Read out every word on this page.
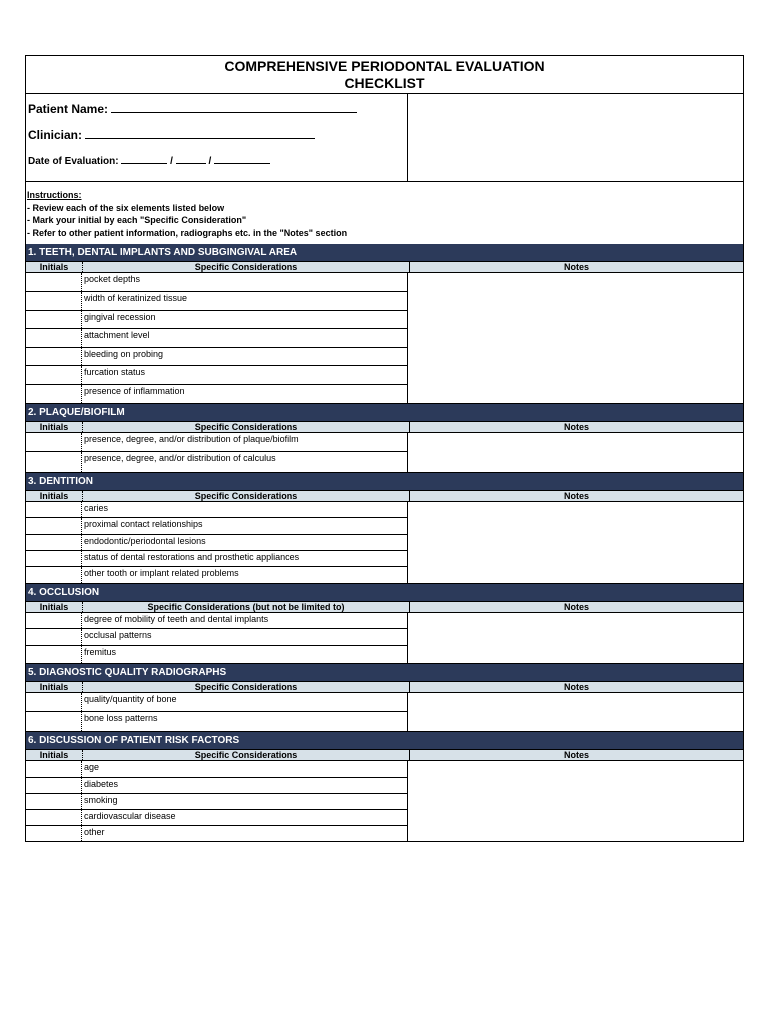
COMPREHENSIVE PERIODONTAL EVALUATION
CHECKLIST
Patient Name:
Clinician:
Date of Evaluation:	/	/
Instructions:
- Review each of the six elements listed below
- Mark your initial by each "Specific Consideration"
- Refer to other patient information, radiographs etc. in the "Notes" section
1. TEETH, DENTAL IMPLANTS AND SUBGINGIVAL AREA
Initials	Specific Considerations	Notes
pocket depths
width of keratinized tissue
gingival recession
attachment level
bleeding on probing
furcation status
presence of inflammation
2. PLAQUE/BIOFILM
Initials	Specific Considerations	Notes
presence, degree, and/or distribution of plaque/biofilm
presence, degree, and/or distribution of calculus
3. DENTITION
Initials	Specific Considerations	Notes
caries
proximal contact relationships
endodontic/periodontal lesions
status of dental restorations and prosthetic appliances
other tooth or implant related problems
4. OCCLUSION
Initials	Specific Considerations (but not be limited to)	Notes
degree of mobility of teeth and dental implants
occlusal patterns
fremitus
5. DIAGNOSTIC QUALITY RADIOGRAPHS
Initials	Specific Considerations	Notes
quality/quantity of bone
bone loss patterns
6. DISCUSSION OF PATIENT RISK FACTORS
Initials	Specific Considerations	Notes
age
diabetes
smoking
cardiovascular disease
other
